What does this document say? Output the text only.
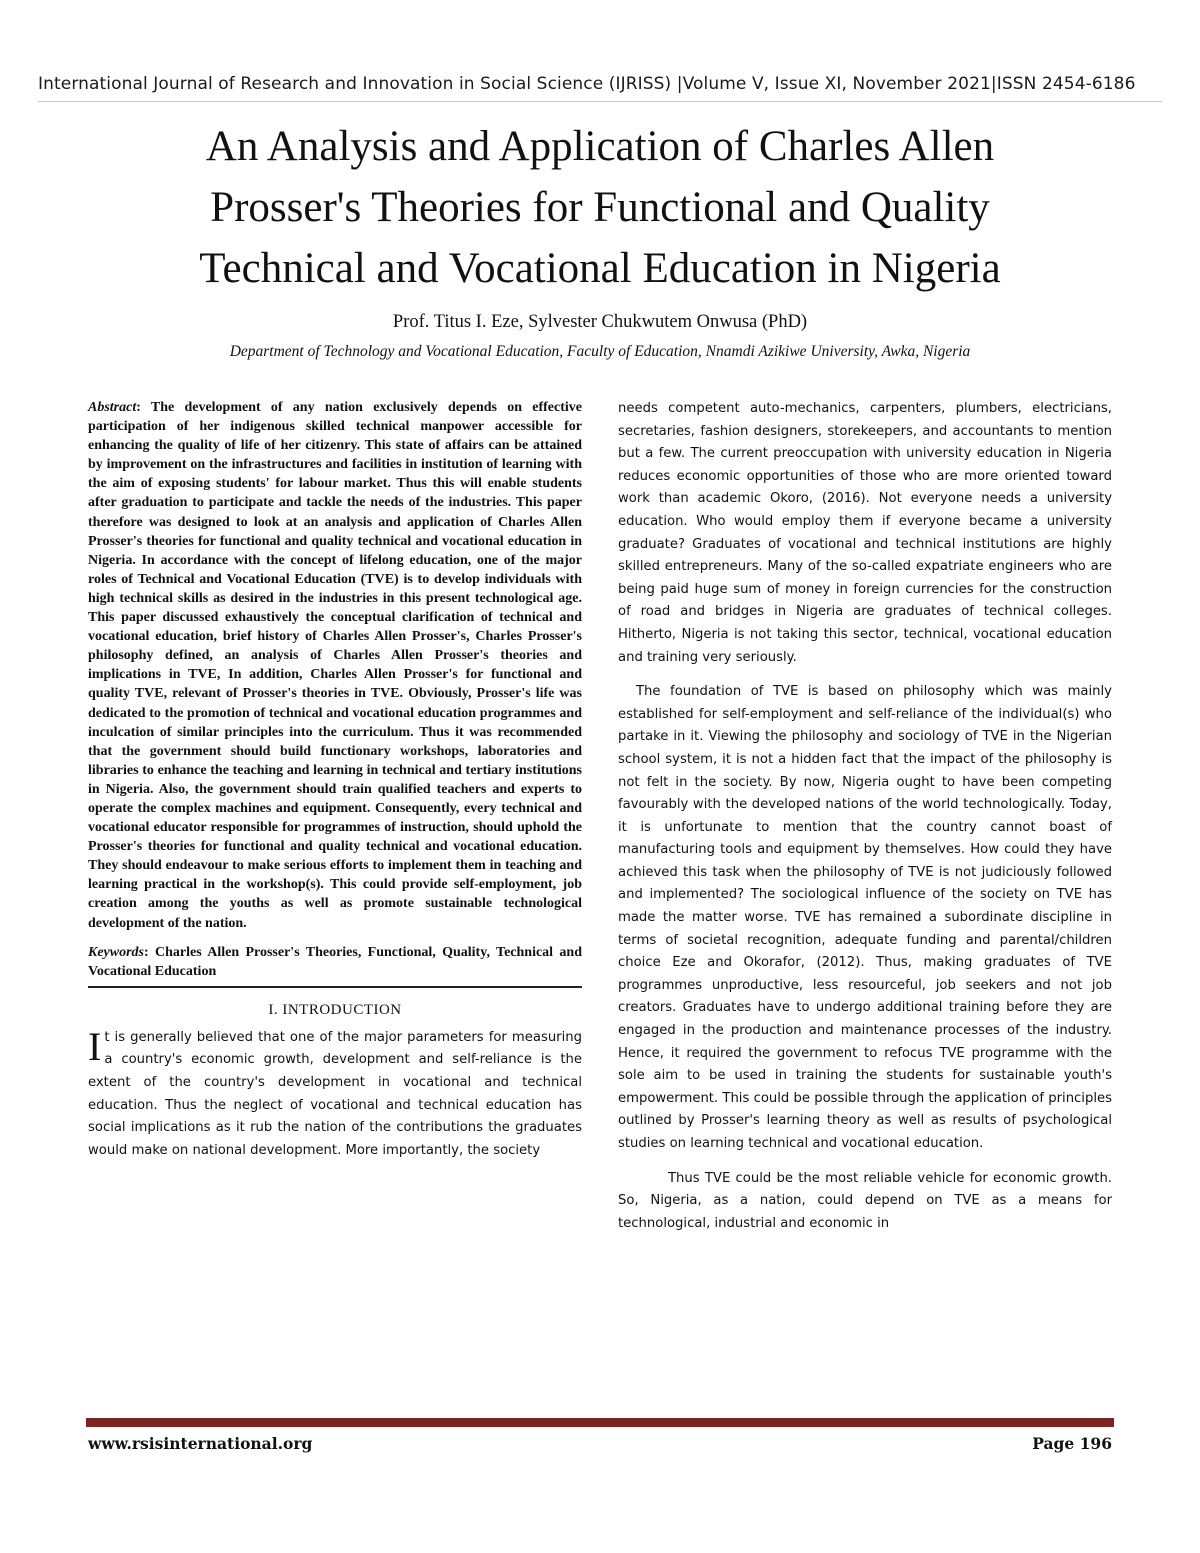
International Journal of Research and Innovation in Social Science (IJRISS) |Volume V, Issue XI, November 2021|ISSN 2454-6186
An Analysis and Application of Charles Allen
Prosser's Theories for Functional and Quality
Technical and Vocational Education in Nigeria
Prof. Titus I. Eze, Sylvester Chukwutem Onwusa (PhD)
Department of Technology and Vocational Education, Faculty of Education, Nnamdi Azikiwe University, Awka, Nigeria

Abstract: The development of any nation exclusively depends on effective participation of her indigenous skilled technical manpower accessible for enhancing the quality of life of her citizenry. This state of affairs can be attained by improvement on the infrastructures and facilities in institution of learning with the aim of exposing students' for labour market. Thus this will enable students after graduation to participate and tackle the needs of the industries. This paper therefore was designed to look at an analysis and application of Charles Allen Prosser's theories for functional and quality technical and vocational education in Nigeria. In accordance with the concept of lifelong education, one of the major roles of Technical and Vocational Education (TVE) is to develop individuals with high technical skills as desired in the industries in this present technological age. This paper discussed exhaustively the conceptual clarification of technical and vocational education, brief history of Charles Allen Prosser's, Charles Prosser's philosophy defined, an analysis of Charles Allen Prosser's theories and implications in TVE, In addition, Charles Allen Prosser's for functional and quality TVE, relevant of Prosser's theories in TVE. Obviously, Prosser's life was dedicated to the promotion of technical and vocational education programmes and inculcation of similar principles into the curriculum. Thus it was recommended that the government should build functionary workshops, laboratories and libraries to enhance the teaching and learning in technical and tertiary institutions in Nigeria. Also, the government should train qualified teachers and experts to operate the complex machines and equipment. Consequently, every technical and vocational educator responsible for programmes of instruction, should uphold the Prosser's theories for functional and quality technical and vocational education. They should endeavour to make serious efforts to implement them in teaching and learning practical in the workshop(s). This could provide self-employment, job creation among the youths as well as promote sustainable technological development of the nation.

Keywords: Charles Allen Prosser's Theories, Functional, Quality, Technical and Vocational Education

I. INTRODUCTION

It is generally believed that one of the major parameters for measuring a country's economic growth, development and self-reliance is the extent of the country's development in vocational and technical education. Thus the neglect of vocational and technical education has social implications as it rub the nation of the contributions the graduates would make on national development. More importantly, the society

needs competent auto-mechanics, carpenters, plumbers, electricians, secretaries, fashion designers, storekeepers, and accountants to mention but a few. The current preoccupation with university education in Nigeria reduces economic opportunities of those who are more oriented toward work than academic Okoro, (2016). Not everyone needs a university education. Who would employ them if everyone became a university graduate? Graduates of vocational and technical institutions are highly skilled entrepreneurs. Many of the so-called expatriate engineers who are being paid huge sum of money in foreign currencies for the construction of road and bridges in Nigeria are graduates of technical colleges. Hitherto, Nigeria is not taking this sector, technical, vocational education and training very seriously.

The foundation of TVE is based on philosophy which was mainly established for self-employment and self-reliance of the individual(s) who partake in it. Viewing the philosophy and sociology of TVE in the Nigerian school system, it is not a hidden fact that the impact of the philosophy is not felt in the society. By now, Nigeria ought to have been competing favourably with the developed nations of the world technologically. Today, it is unfortunate to mention that the country cannot boast of manufacturing tools and equipment by themselves. How could they have achieved this task when the philosophy of TVE is not judiciously followed and implemented? The sociological influence of the society on TVE has made the matter worse. TVE has remained a subordinate discipline in terms of societal recognition, adequate funding and parental/children choice Eze and Okorafor, (2012). Thus, making graduates of TVE programmes unproductive, less resourceful, job seekers and not job creators. Graduates have to undergo additional training before they are engaged in the production and maintenance processes of the industry. Hence, it required the government to refocus TVE programme with the sole aim to be used in training the students for sustainable youth's empowerment. This could be possible through the application of principles outlined by Prosser's learning theory as well as results of psychological studies on learning technical and vocational education.

Thus TVE could be the most reliable vehicle for economic growth. So, Nigeria, as a nation, could depend on TVE as a means for technological, industrial and economic in

www.rsisinternational.org	Page 196
